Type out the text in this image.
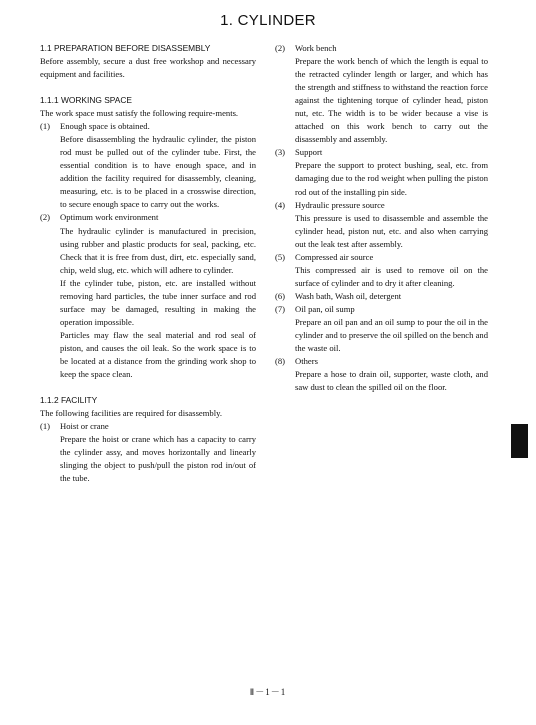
1. CYLINDER
1.1 PREPARATION BEFORE DISASSEMBLY
Before assembly, secure a dust free workshop and necessary equipment and facilities.
1.1.1 WORKING SPACE
The work space must satisfy the following require-ments.
(1) Enough space is obtained.
Before disassembling the hydraulic cylinder, the piston rod must be pulled out of the cylinder tube. First, the essential condition is to have enough space, and in addition the facility required for disassembly, cleaning, measuring, etc. is to be placed in a crosswise direction, to secure enough space to carry out the works.
(2) Optimum work environment
The hydraulic cylinder is manufactured in precision, using rubber and plastic products for seal, packing, etc. Check that it is free from dust, dirt, etc. especially sand, chip, weld slug, etc. which will adhere to cylinder.
If the cylinder tube, piston, etc. are installed without removing hard particles, the tube inner surface and rod surface may be damaged, resulting in making the operation impossible.
Particles may flaw the seal material and rod seal of piston, and causes the oil leak. So the work space is to be located at a distance from the grinding work shop to keep the space clean.
1.1.2 FACILITY
The following facilities are required for disassembly.
(1) Hoist or crane
Prepare the hoist or crane which has a capacity to carry the cylinder assy, and moves horizontally and linearly slinging the object to push/pull the piston rod in/out of the tube.
(2) Work bench
Prepare the work bench of which the length is equal to the retracted cylinder length or larger, and which has the strength and stiffness to withstand the reaction force against the tightening torque of cylinder head, piston nut, etc. The width is to be wider because a vise is attached on this work bench to carry out the disassembly and assembly.
(3) Support
Prepare the support to protect bushing, seal, etc. from damaging due to the rod weight when pulling the piston rod out of the installing pin side.
(4) Hydraulic pressure source
This pressure is used to disassemble and assemble the cylinder head, piston nut, etc. and also when carrying out the leak test after assembly.
(5) Compressed air source
This compressed air is used to remove oil on the surface of cylinder and to dry it after cleaning.
(6) Wash bath, Wash oil, detergent
(7) Oil pan, oil sump
Prepare an oil pan and an oil sump to pour the oil in the cylinder and to preserve the oil spilled on the bench and the waste oil.
(8) Others
Prepare a hose to drain oil, supporter, waste cloth, and saw dust to clean the spilled oil on the floor.
Ⅱ－1－1
